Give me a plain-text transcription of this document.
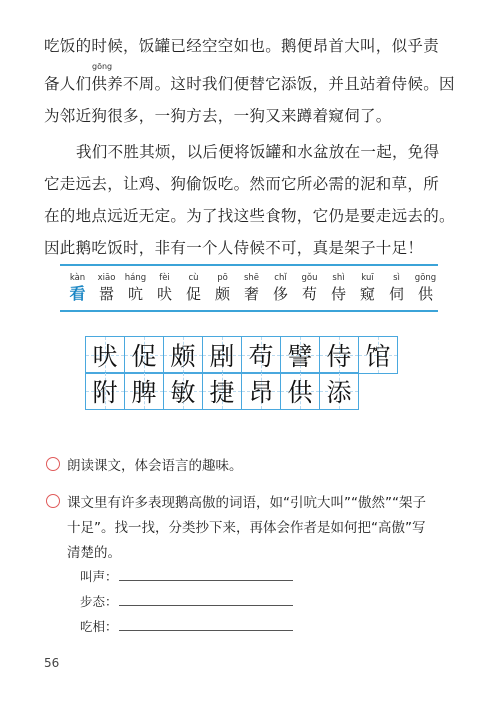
吃饭的时候，饭罐已经空空如也。鹅便昂首大叫，似乎责
gōng
备人们供养不周。这时我们便替它添饭，并且站着侍候。因
为邻近狗很多，一狗方去，一狗又来蹲着窥伺了。
我们不胜其烦，以后便将饭罐和水盆放在一起，免得
它走远去，让鸡、狗偷饭吃。然而它所必需的泥和草，所
在的地点远近无定。为了找这些食物，它仍是要走远去的。
因此鹅吃饭时，非有一个人侍候不可，真是架子十足！
kàn
看
xiāo
嚣
háng
吭
fèi
吠
cù
促
pō
颇
shē
奢
chǐ
侈
gǒu
苟
shì
侍
kuī
窥
sì
伺
gōng
供
吠 促 颇 剧 苟 譬 侍 馆
附 脾 敏 捷 昂 供 添
朗读课文，体会语言的趣味。
课文里有许多表现鹅高傲的词语，如“引吭大叫”“傲然”“架子
十足”。找一找，分类抄下来，再体会作者是如何把“高傲”写
清楚的。
叫声：
步态：
吃相：
56
